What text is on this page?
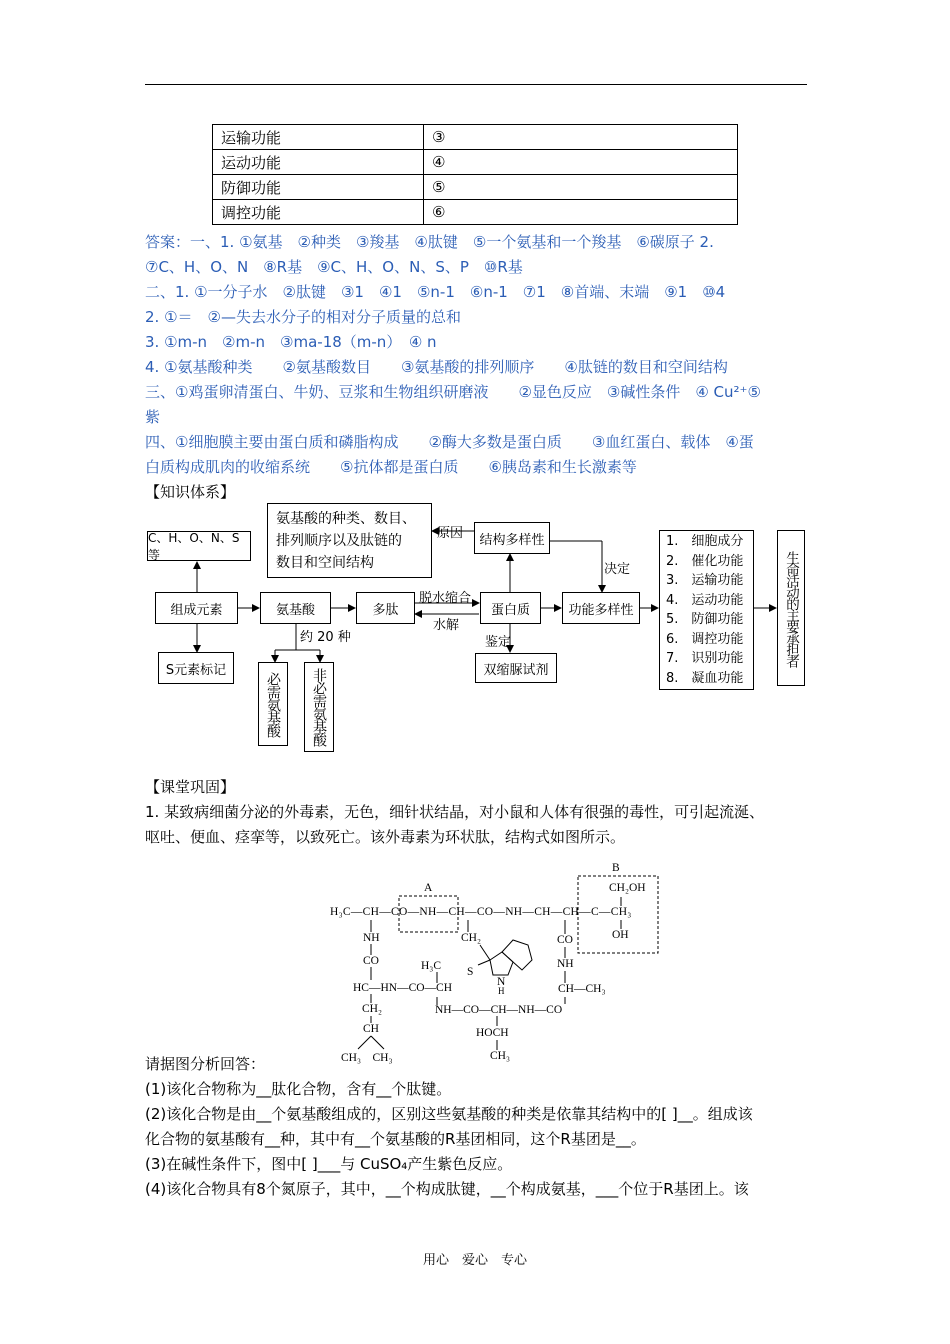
运输功能	③
运动功能	④
防御功能	⑤
调控功能	⑥
答案：一、1. ①氨基　②种类　③羧基　④肽键　⑤一个氨基和一个羧基　⑥碳原子 2.
⑦C、H、O、N　⑧R基　⑨C、H、O、N、S、P　⑩R基
二、1. ①一分子水　②肽键　③1　④1　⑤n-1　⑥n-1　⑦1　⑧首端、末端　⑨1　⑩4
2. ①＝　②—失去水分子的相对分子质量的总和
3. ①m-n　②m-n　③ma-18（m-n）　④ n
4. ①氨基酸种类　　②氨基酸数目　　③氨基酸的排列顺序　　④肽链的数目和空间结构
三、①鸡蛋卵清蛋白、牛奶、豆浆和生物组织研磨液　　②显色反应　③碱性条件　④ Cu²⁺⑤
紫
四、①细胞膜主要由蛋白质和磷脂构成　　②酶大多数是蛋白质　　③血红蛋白、载体　④蛋
白质构成肌肉的收缩系统　　⑤抗体都是蛋白质　　⑥胰岛素和生长激素等
【知识体系】
C、H、O、N、S 等
组成元素
S元素标记
氨基酸
约 20 种
必需氨基酸 非必需氨基酸
多肽
脱水缩合
水解
蛋白质
鉴定
双缩脲试剂
氨基酸的种类、数目、
排列顺序以及肽链的
数目和空间结构
原因	结构多样性
决定
功能多样性
1.　细胞成分
2.　催化功能
3.　运输功能
4.　运动功能
5.　防御功能
6.　调控功能
7.　识别功能
8.　凝血功能
生命活动的主要承担者
【课堂巩固】
1. 某致病细菌分泌的外毒素，无色，细针状结晶，对小鼠和人体有很强的毒性，可引起流涎、
呕吐、便血、痉挛等，以致死亡。该外毒素为环状肽，结构式如图所示。
A
B
CH₂OH
H₃C—CH—CO—NH—CH—CO—NH—CH—CH—C—CH₃
OH
NH	CH₂	CO
CO	H₃C	NH
S
N
H
HC—HN—CO—CH	CH—CH₃
CH₂	NH—CO—CH—NH—CO
CH	HOCH
CH₃　CH₃	CH₃
请据图分析回答：
(1)该化合物称为__肽化合物，含有__个肽键。
(2)该化合物是由__个氨基酸组成的，区别这些氨基酸的种类是依靠其结构中的[ ]__。组成该
化合物的氨基酸有__种，其中有__个氨基酸的R基团相同，这个R基团是__。
(3)在碱性条件下，图中[ ]___与 CuSO₄产生紫色反应。
(4)该化合物具有8个氮原子，其中，__个构成肽键，__个构成氨基，___个位于R基团上。该
用心　爱心　专心
